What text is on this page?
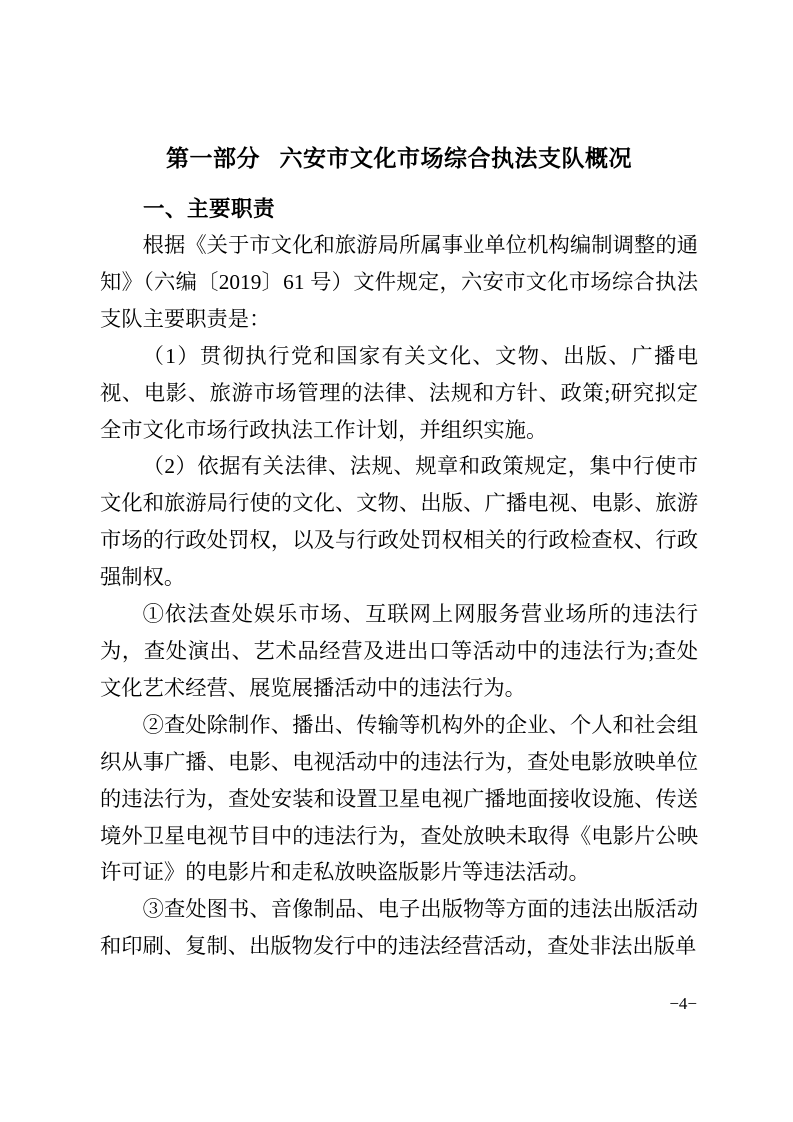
第一部分 六安市文化市场综合执法支队概况
一、主要职责

根据《关于市文化和旅游局所属事业单位机构编制调整的通知》（六编〔2019〕61 号）文件规定，六安市文化市场综合执法支队主要职责是：

（1）贯彻执行党和国家有关文化、文物、出版、广播电视、电影、旅游市场管理的法律、法规和方针、政策;研究拟定全市文化市场行政执法工作计划，并组织实施。

（2）依据有关法律、法规、规章和政策规定，集中行使市文化和旅游局行使的文化、文物、出版、广播电视、电影、旅游市场的行政处罚权，以及与行政处罚权相关的行政检查权、行政强制权。

①依法查处娱乐市场、互联网上网服务营业场所的违法行为，查处演出、艺术品经营及进出口等活动中的违法行为;查处文化艺术经营、展览展播活动中的违法行为。

②查处除制作、播出、传输等机构外的企业、个人和社会组织从事广播、电影、电视活动中的违法行为，查处电影放映单位的违法行为，查处安装和设置卫星电视广播地面接收设施、传送境外卫星电视节目中的违法行为，查处放映未取得《电影片公映许可证》的电影片和走私放映盗版影片等违法活动。

③查处图书、音像制品、电子出版物等方面的违法出版活动和印刷、复制、出版物发行中的违法经营活动，查处非法出版单

−4−
